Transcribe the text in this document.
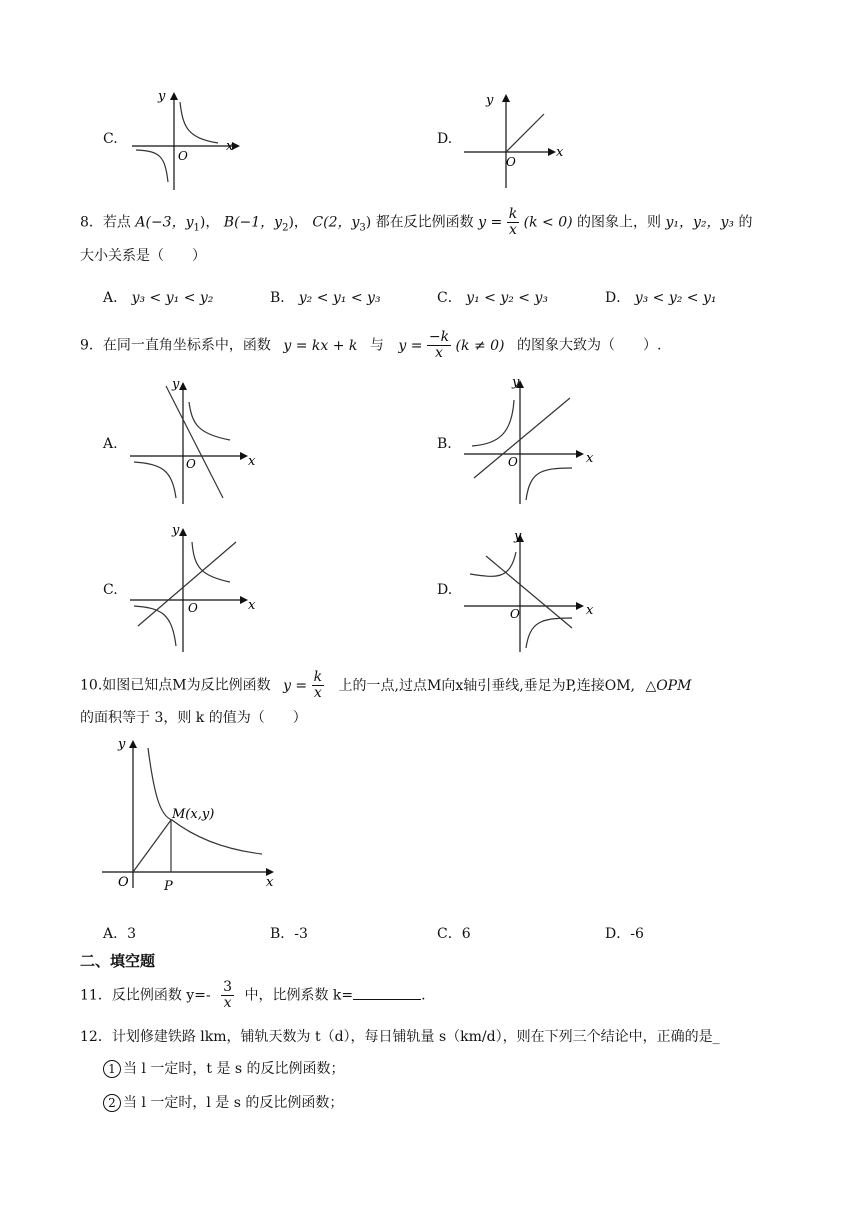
C.
y
x
O
D.
y
x
O
8．若点 A(−3，$y_1$)， B(−1，$y_2$)， C(2，$y_3$) 都在反比例函数 $y = \frac{k}{x} (k < 0)$ 的图象上，则 y₁，y₂，y₃ 的
大小关系是（　　）
A． y₃ < y₁ < y₂	B． y₂ < y₁ < y₃	C． y₁ < y₂ < y₃	D． y₃ < y₂ < y₁
9．在同一直角坐标系中，函数 y = kx + k 与 $y = \frac{-k}{x} (k \ne 0)$ 的图象大致为（　　）.
A.
y
x
O
B.
y
x
O
C.
y
x
O
D.
y
x
O
10.如图已知点M为反比例函数 $y = \frac{k}{x}$ 上的一点,过点M向x轴引垂线,垂足为P,连接OM, △OPM
的面积等于 3，则 k 的值为（　　）
y
x
O	P
M(x,y)
A．3	B．-3	C．6	D．-6
二、填空题
11．反比例函数 $y=- \frac{3}{x}$ 中，比例系数 k=	.
12．计划修建铁路 lkm，铺轨天数为 t（d），每日铺轨量 s（km/d），则在下列三个结论中，正确的是_
1 当 l 一定时，t 是 s 的反比例函数；
2 当 l 一定时，l 是 s 的反比例函数；
